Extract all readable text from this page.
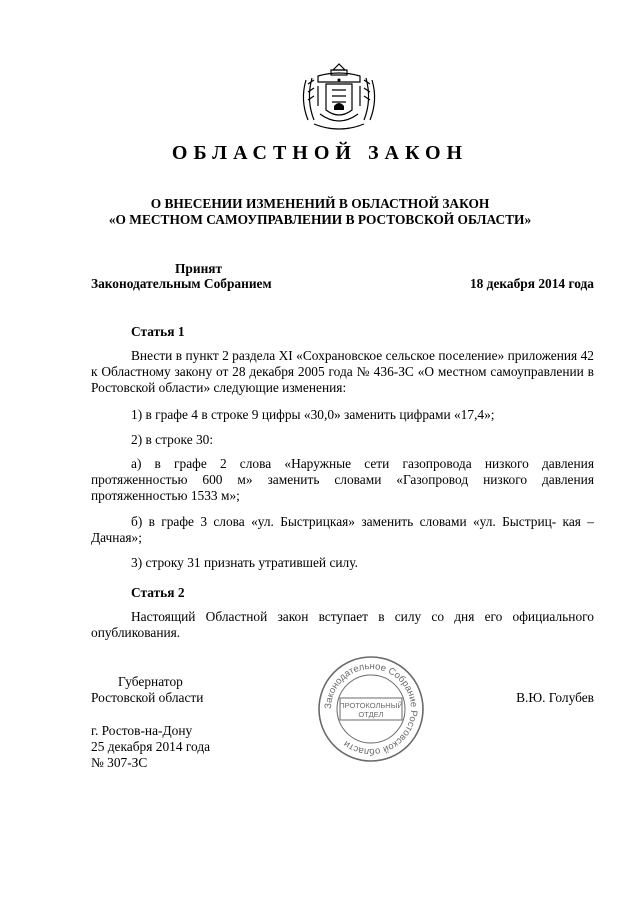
ОБЛАСТНОЙ ЗАКОН
О ВНЕСЕНИИ ИЗМЕНЕНИЙ В ОБЛАСТНОЙ ЗАКОН
«О МЕСТНОМ САМОУПРАВЛЕНИИ В РОСТОВСКОЙ ОБЛАСТИ»
Принят
Законодательным Собранием	18 декабря 2014 года
Статья 1
Внести в пункт 2 раздела XI «Сохрановское сельское поселение» приложения 42 к Областному закону от 28 декабря 2005 года № 436-ЗС «О местном самоуправлении в Ростовской области» следующие изменения:
1) в графе 4 в строке 9 цифры «30,0» заменить цифрами «17,4»;
2) в строке 30:
а) в графе 2 слова «Наружные сети газопровода низкого давления протяженностью 600 м» заменить словами «Газопровод низкого давления протяженностью 1533 м»;
б) в графе 3 слова «ул. Быстрицкая» заменить словами «ул. Быстриц- кая – Дачная»;
3) строку 31 признать утратившей силу.
Статья 2
Настоящий Областной закон вступает в силу со дня его официального опубликования.
Губернатор
Ростовской области	В.Ю. Голубев
г. Ростов-на-Дону
25 декабря 2014 года
№ 307-ЗС
Законодательное Собрание Ростовской области
ПРОТОКОЛЬНЫЙ
ОТДЕЛ
